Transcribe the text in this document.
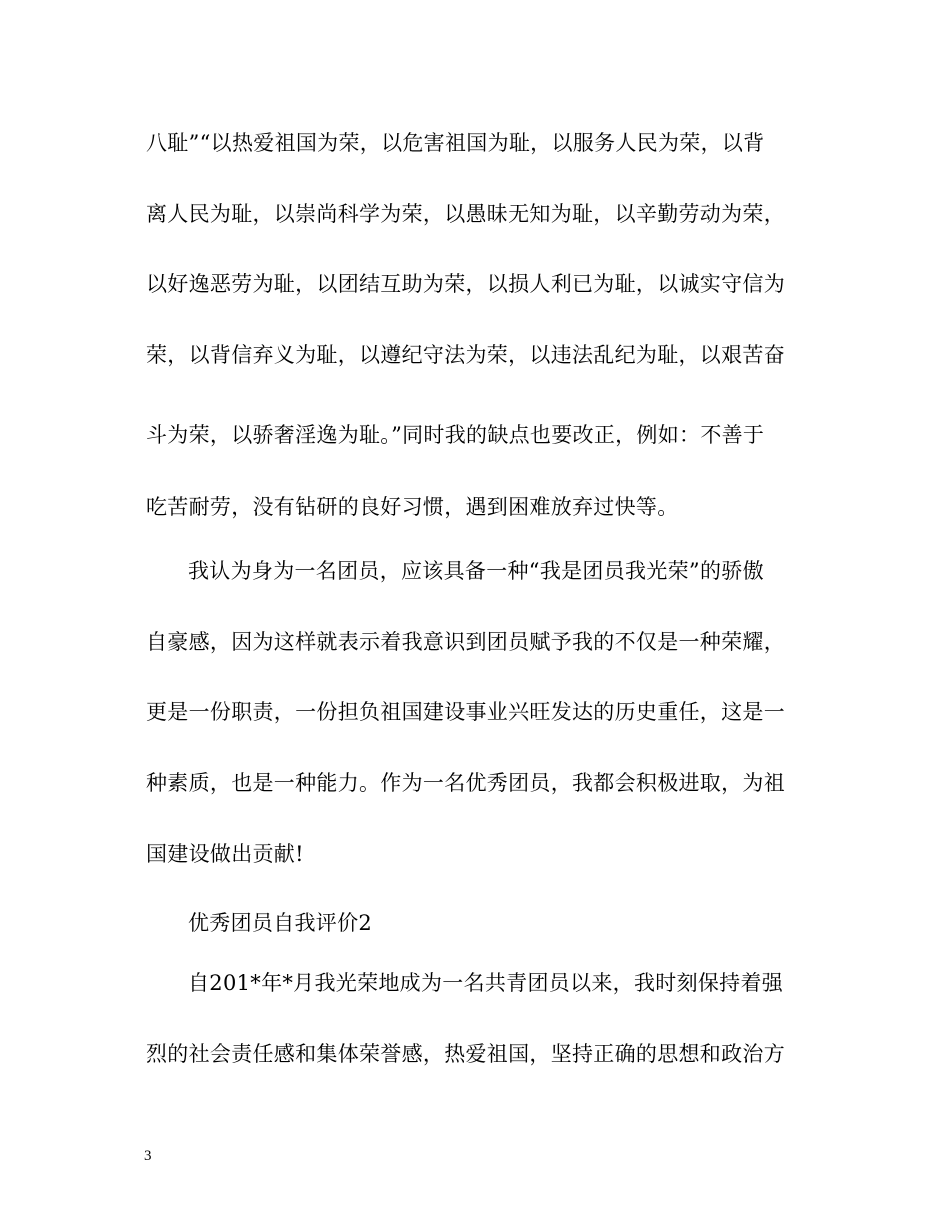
八耻”“以热爱祖国为荣，以危害祖国为耻，以服务人民为荣，以背
离人民为耻，以崇尚科学为荣，以愚昧无知为耻，以辛勤劳动为荣，
以好逸恶劳为耻，以团结互助为荣，以损人利已为耻，以诚实守信为
荣，以背信弃义为耻，以遵纪守法为荣，以违法乱纪为耻，以艰苦奋
斗为荣，以骄奢淫逸为耻。”同时我的缺点也要改正，例如：不善于
吃苦耐劳，没有钻研的良好习惯，遇到困难放弃过快等。
我认为身为一名团员，应该具备一种“我是团员我光荣”的骄傲
自豪感，因为这样就表示着我意识到团员赋予我的不仅是一种荣耀，
更是一份职责，一份担负祖国建设事业兴旺发达的历史重任，这是一
种素质，也是一种能力。作为一名优秀团员，我都会积极进取，为祖
国建设做出贡献!
优秀团员自我评价2
自201*年*月我光荣地成为一名共青团员以来，我时刻保持着强
烈的社会责任感和集体荣誉感，热爱祖国，坚持正确的思想和政治方
3
